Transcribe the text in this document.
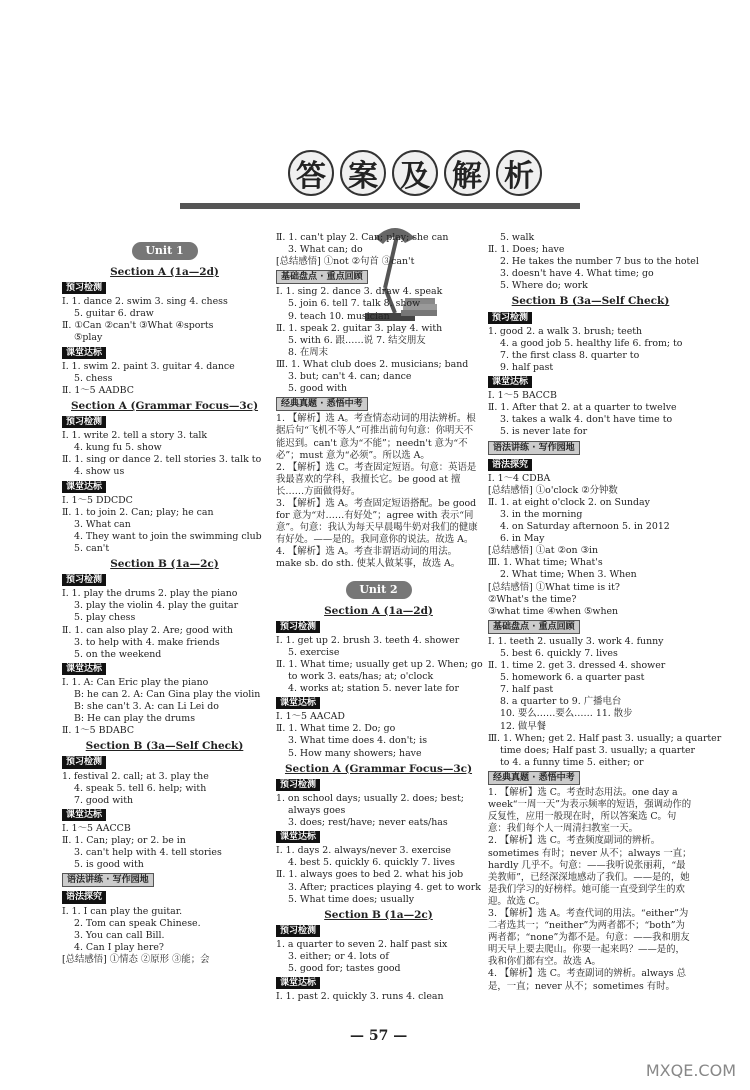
答 案 及 解 析
Unit 1
Section A (1a—2d)
预习检测
Ⅰ. 1. dance 2. swim 3. sing 4. chess
5. guitar 6. draw
Ⅱ. ①Can ②can't ③What ④sports
⑤play
课堂达标
Ⅰ. 1. swim 2. paint 3. guitar 4. dance
5. chess
Ⅱ. 1～5 AADBC
Section A (Grammar Focus—3c)
预习检测
Ⅰ. 1. write 2. tell a story 3. talk
4. kung fu 5. show
Ⅱ. 1. sing or dance 2. tell stories 3. talk to
4. show us
课堂达标
Ⅰ. 1～5 DDCDC
Ⅱ. 1. to join 2. Can; play; he can
3. What can
4. They want to join the swimming club
5. can't
Section B (1a—2c)
预习检测
Ⅰ. 1. play the drums 2. play the piano
3. play the violin 4. play the guitar
5. play chess
Ⅱ. 1. can also play 2. Are; good with
3. to help with 4. make friends
5. on the weekend
课堂达标
Ⅰ. 1. A: Can Eric play the piano
B: he can 2. A: Can Gina play the violin
B: she can't 3. A: can Li Lei do
B: He can play the drums
Ⅱ. 1～5 BDABC
Section B (3a—Self Check)
预习检测
1. festival 2. call; at 3. play the
4. speak 5. tell 6. help; with
7. good with
课堂达标
Ⅰ. 1～5 AACCB
Ⅱ. 1. Can; play; or 2. be in
3. can't help with 4. tell stories
5. is good with
语法讲练 · 写作园地
语法探究
Ⅰ. 1. I can play the guitar.
2. Tom can speak Chinese.
3. You can call Bill.
4. Can I play here?
[总结感悟] ①情态 ②原形 ③能；会
Ⅱ. 1. can't play 2. Can; play; she can
3. What can; do
[总结感悟] ①not ②句首 ③can't
基础盘点 · 重点回顾
Ⅰ. 1. sing 2. dance 3. draw 4. speak
5. join 6. tell 7. talk 8. show
9. teach 10. musician
Ⅱ. 1. speak 2. guitar 3. play 4. with
5. with 6. 跟……说 7. 结交朋友
8. 在周末
Ⅲ. 1. What club does 2. musicians; band
3. but; can't 4. can; dance
5. good with
经典真题 · 悉悟中考
1. 【解析】选 A。考查情态动词的用法辨析。根据后句“飞机不等人”可推出前句句意：你明天不能迟到。can't 意为“不能”；needn't 意为“不必”；must 意为“必须”。所以选 A。
2. 【解析】选 C。考查固定短语。句意：英语是我最喜欢的学科，我擅长它。be good at 擅长……方面做得好。
3. 【解析】选 A。考查固定短语搭配。be good for 意为“对……有好处”；agree with 表示“同意”。句意：我认为每天早晨喝牛奶对我们的健康有好处。——是的。我同意你的说法。故选 A。
4. 【解析】选 A。考查非谓语动词的用法。make sb. do sth. 使某人做某事，故选 A。
Unit 2
Section A (1a—2d)
预习检测
Ⅰ. 1. get up 2. brush 3. teeth 4. shower
5. exercise
Ⅱ. 1. What time; usually get up 2. When; go
to work 3. eats/has; at; o'clock
4. works at; station 5. never late for
课堂达标
Ⅰ. 1～5 AACAD
Ⅱ. 1. What time 2. Do; go
3. What time does 4. don't; is
5. How many showers; have
Section A (Grammar Focus—3c)
预习检测
1. on school days; usually 2. does; best;
always goes
3. does; rest/have; never eats/has
课堂达标
Ⅰ. 1. days 2. always/never 3. exercise
4. best 5. quickly 6. quickly 7. lives
Ⅱ. 1. always goes to bed 2. what his job
3. After; practices playing 4. get to work
5. What time does; usually
Section B (1a—2c)
预习检测
1. a quarter to seven 2. half past six
3. either; or 4. lots of
5. good for; tastes good
课堂达标
Ⅰ. 1. past 2. quickly 3. runs 4. clean
5. walk
Ⅱ. 1. Does; have
2. He takes the number 7 bus to the hotel
3. doesn't have 4. What time; go
5. Where do; work
Section B (3a—Self Check)
预习检测
1. good 2. a walk 3. brush; teeth
4. a good job 5. healthy life 6. from; to
7. the first class 8. quarter to
9. half past
课堂达标
Ⅰ. 1～5 BACCB
Ⅱ. 1. After that 2. at a quarter to twelve
3. takes a walk 4. don't have time to
5. is never late for
语法讲练 · 写作园地
语法探究
Ⅰ. 1～4 CDBA
[总结感悟] ①o'clock ②分钟数
Ⅱ. 1. at eight o'clock 2. on Sunday
3. in the morning
4. on Saturday afternoon 5. in 2012
6. in May
[总结感悟] ①at ②on ③in
Ⅲ. 1. What time; What's
2. What time; When 3. When
[总结感悟] ①What time is it?
②What's the time?
③what time ④when ⑤when
基础盘点 · 重点回顾
Ⅰ. 1. teeth 2. usually 3. work 4. funny
5. best 6. quickly 7. lives
Ⅱ. 1. time 2. get 3. dressed 4. shower
5. homework 6. a quarter past
7. half past
8. a quarter to 9. 广播电台
10. 要么……要么…… 11. 散步
12. 做早餐
Ⅲ. 1. When; get 2. Half past 3. usually; a quarter
time does; Half past 3. usually; a quarter
to 4. a funny time 5. either; or
经典真题 · 悉悟中考
1. 【解析】选 C。考查时态用法。one day a week“一周一天”为表示频率的短语，强调动作的反复性，应用一般现在时，所以答案选 C。句意：我们每个人一周清扫教室一天。
2. 【解析】选 C。考查频度副词的辨析。sometimes 有时；never 从不；always 一直；hardly 几乎不。句意：——我听说张丽莉，“最美教师”，已经深深地感动了我们。——是的，她是我们学习的好榜样。她可能一直受到学生的欢迎。故选 C。
3. 【解析】选 A。考查代词的用法。“either”为二者选其一；“neither”为两者都不；“both”为两者都；“none”为都不是。句意：——我和朋友明天早上要去爬山。你要一起来吗？——是的，我和你们都有空。故选 A。
4. 【解析】选 C。考查副词的辨析。always 总是，一直；never 从不；sometimes 有时。
— 57 —
MXQE.COM
